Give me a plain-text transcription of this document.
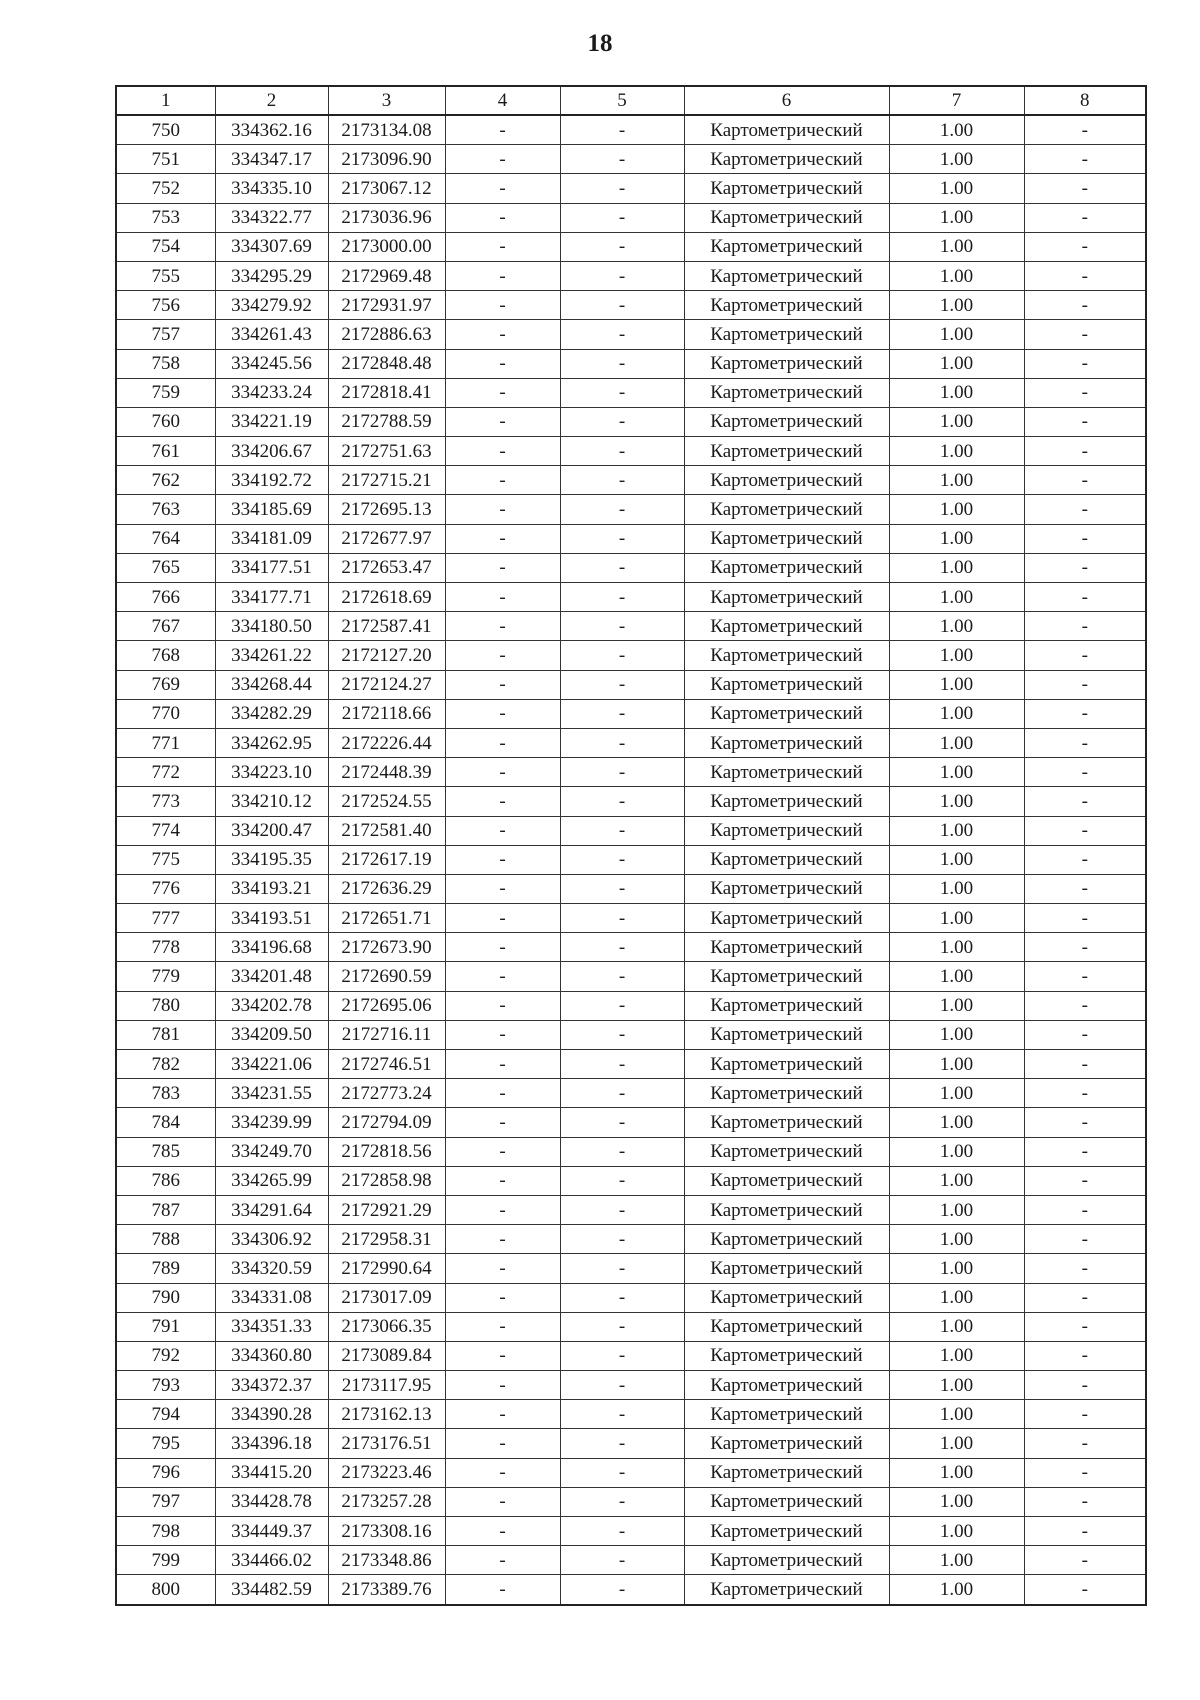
18
1	2	3	4	5	6	7	8
750	334362.16	2173134.08	-	-	Картометрический	1.00	-
751	334347.17	2173096.90	-	-	Картометрический	1.00	-
752	334335.10	2173067.12	-	-	Картометрический	1.00	-
753	334322.77	2173036.96	-	-	Картометрический	1.00	-
754	334307.69	2173000.00	-	-	Картометрический	1.00	-
755	334295.29	2172969.48	-	-	Картометрический	1.00	-
756	334279.92	2172931.97	-	-	Картометрический	1.00	-
757	334261.43	2172886.63	-	-	Картометрический	1.00	-
758	334245.56	2172848.48	-	-	Картометрический	1.00	-
759	334233.24	2172818.41	-	-	Картометрический	1.00	-
760	334221.19	2172788.59	-	-	Картометрический	1.00	-
761	334206.67	2172751.63	-	-	Картометрический	1.00	-
762	334192.72	2172715.21	-	-	Картометрический	1.00	-
763	334185.69	2172695.13	-	-	Картометрический	1.00	-
764	334181.09	2172677.97	-	-	Картометрический	1.00	-
765	334177.51	2172653.47	-	-	Картометрический	1.00	-
766	334177.71	2172618.69	-	-	Картометрический	1.00	-
767	334180.50	2172587.41	-	-	Картометрический	1.00	-
768	334261.22	2172127.20	-	-	Картометрический	1.00	-
769	334268.44	2172124.27	-	-	Картометрический	1.00	-
770	334282.29	2172118.66	-	-	Картометрический	1.00	-
771	334262.95	2172226.44	-	-	Картометрический	1.00	-
772	334223.10	2172448.39	-	-	Картометрический	1.00	-
773	334210.12	2172524.55	-	-	Картометрический	1.00	-
774	334200.47	2172581.40	-	-	Картометрический	1.00	-
775	334195.35	2172617.19	-	-	Картометрический	1.00	-
776	334193.21	2172636.29	-	-	Картометрический	1.00	-
777	334193.51	2172651.71	-	-	Картометрический	1.00	-
778	334196.68	2172673.90	-	-	Картометрический	1.00	-
779	334201.48	2172690.59	-	-	Картометрический	1.00	-
780	334202.78	2172695.06	-	-	Картометрический	1.00	-
781	334209.50	2172716.11	-	-	Картометрический	1.00	-
782	334221.06	2172746.51	-	-	Картометрический	1.00	-
783	334231.55	2172773.24	-	-	Картометрический	1.00	-
784	334239.99	2172794.09	-	-	Картометрический	1.00	-
785	334249.70	2172818.56	-	-	Картометрический	1.00	-
786	334265.99	2172858.98	-	-	Картометрический	1.00	-
787	334291.64	2172921.29	-	-	Картометрический	1.00	-
788	334306.92	2172958.31	-	-	Картометрический	1.00	-
789	334320.59	2172990.64	-	-	Картометрический	1.00	-
790	334331.08	2173017.09	-	-	Картометрический	1.00	-
791	334351.33	2173066.35	-	-	Картометрический	1.00	-
792	334360.80	2173089.84	-	-	Картометрический	1.00	-
793	334372.37	2173117.95	-	-	Картометрический	1.00	-
794	334390.28	2173162.13	-	-	Картометрический	1.00	-
795	334396.18	2173176.51	-	-	Картометрический	1.00	-
796	334415.20	2173223.46	-	-	Картометрический	1.00	-
797	334428.78	2173257.28	-	-	Картометрический	1.00	-
798	334449.37	2173308.16	-	-	Картометрический	1.00	-
799	334466.02	2173348.86	-	-	Картометрический	1.00	-
800	334482.59	2173389.76	-	-	Картометрический	1.00	-
